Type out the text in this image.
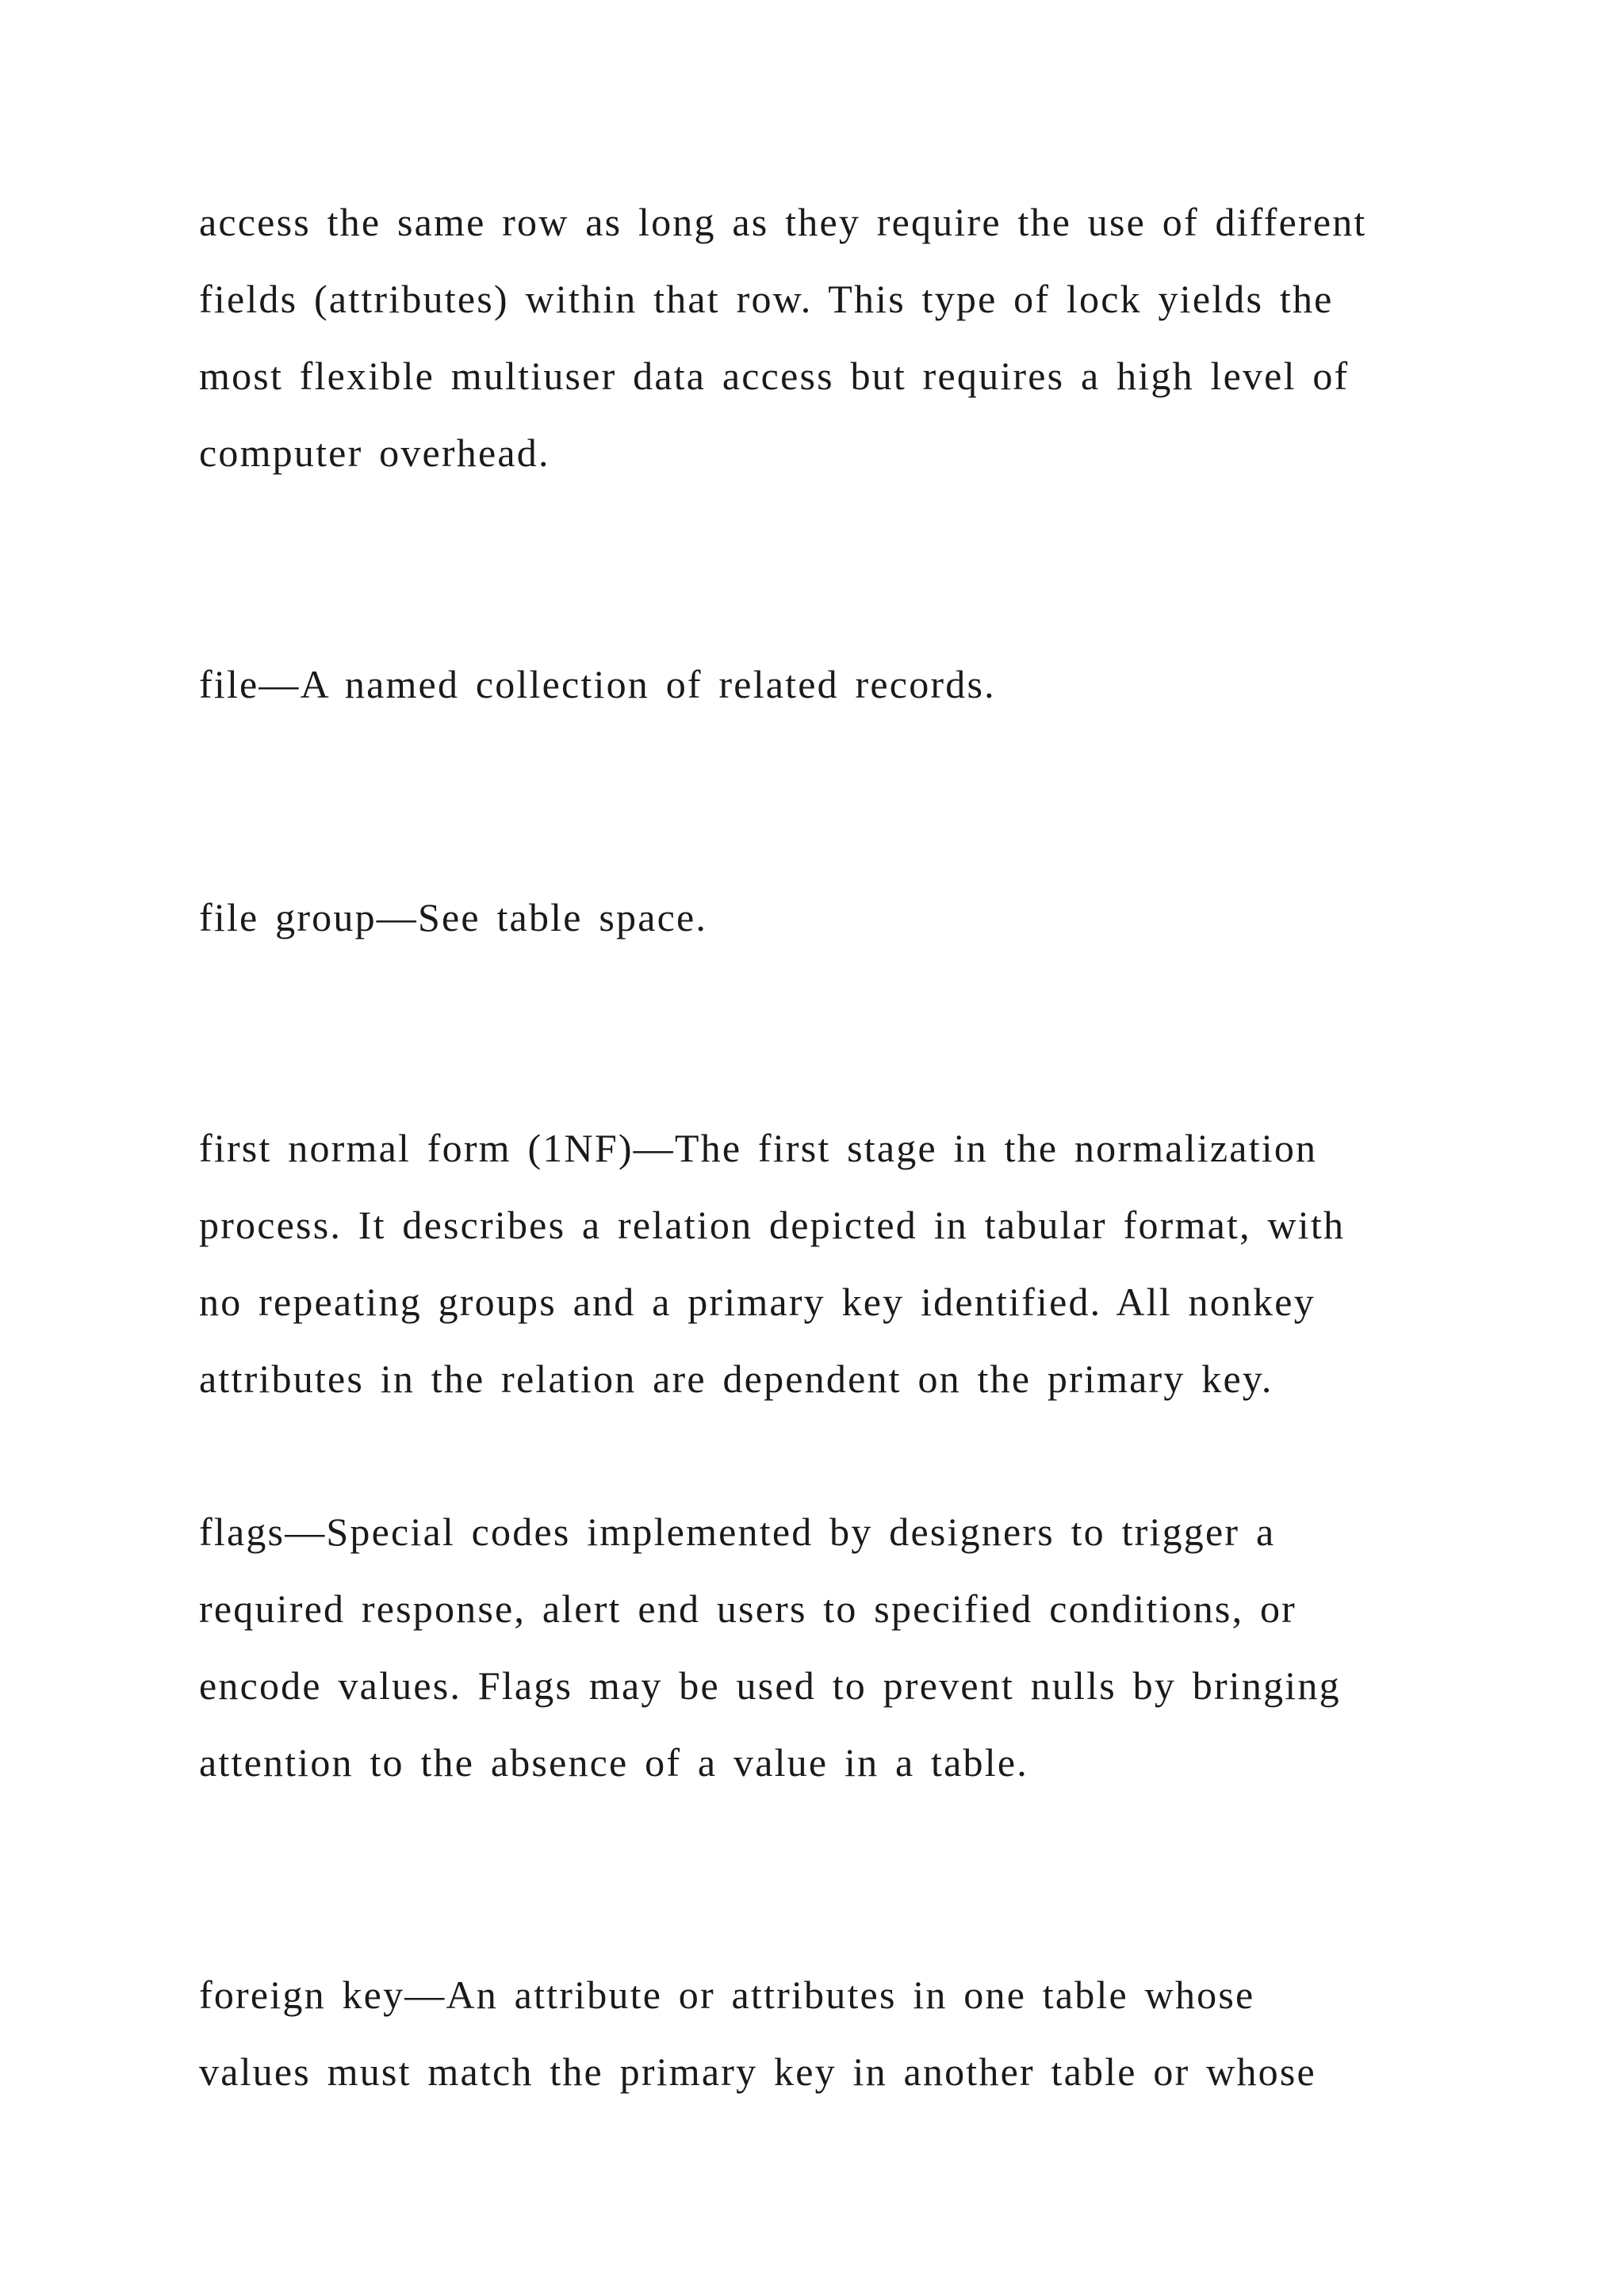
access the same row as long as they require the use of different

fields (attributes) within that row. This type of lock yields the

most flexible multiuser data access but requires a high level of

computer overhead.

file—A named collection of related records.

file group—See table space.

first normal form (1NF)—The first stage in the normalization

process. It describes a relation depicted in tabular format, with

no repeating groups and a primary key identified. All nonkey

attributes in the relation are dependent on the primary key.

flags—Special codes implemented by designers to trigger a

required response, alert end users to specified conditions, or

encode values. Flags may be used to prevent nulls by bringing

attention to the absence of a value in a table.

foreign key—An attribute or attributes in one table whose

values must match the primary key in another table or whose
